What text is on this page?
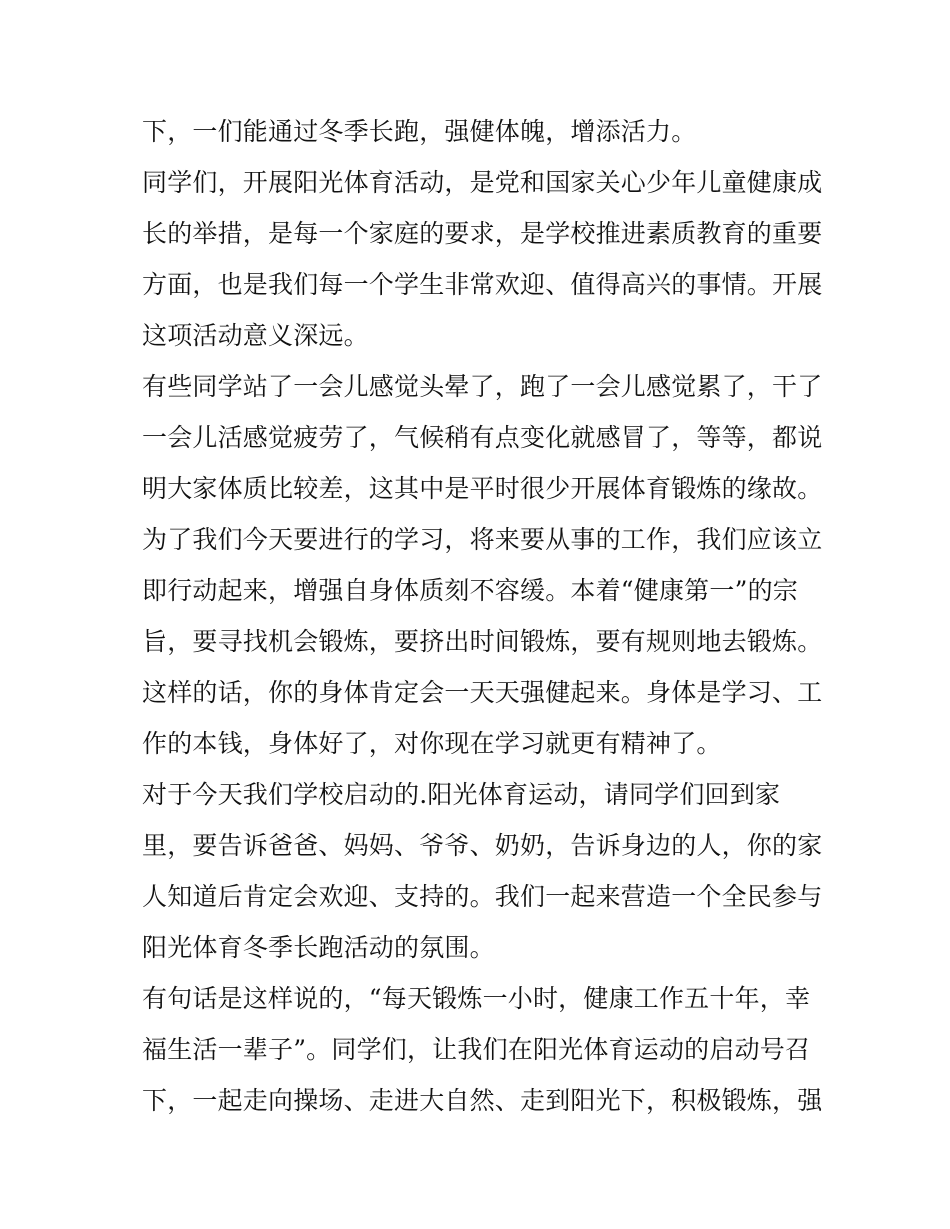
下，一们能通过冬季长跑，强健体魄，增添活力。
同学们，开展阳光体育活动，是党和国家关心少年儿童健康成
长的举措，是每一个家庭的要求，是学校推进素质教育的重要
方面，也是我们每一个学生非常欢迎、值得高兴的事情。开展
这项活动意义深远。
有些同学站了一会儿感觉头晕了，跑了一会儿感觉累了，干了
一会儿活感觉疲劳了，气候稍有点变化就感冒了，等等，都说
明大家体质比较差，这其中是平时很少开展体育锻炼的缘故。
为了我们今天要进行的学习，将来要从事的工作，我们应该立
即行动起来，增强自身体质刻不容缓。本着“健康第一”的宗
旨，要寻找机会锻炼，要挤出时间锻炼，要有规则地去锻炼。
这样的话，你的身体肯定会一天天强健起来。身体是学习、工
作的本钱，身体好了，对你现在学习就更有精神了。
对于今天我们学校启动的.阳光体育运动，请同学们回到家
里，要告诉爸爸、妈妈、爷爷、奶奶，告诉身边的人，你的家
人知道后肯定会欢迎、支持的。我们一起来营造一个全民参与
阳光体育冬季长跑活动的氛围。
有句话是这样说的，“每天锻炼一小时，健康工作五十年，幸
福生活一辈子”。同学们，让我们在阳光体育运动的启动号召
下，一起走向操场、走进大自然、走到阳光下，积极锻炼，强
